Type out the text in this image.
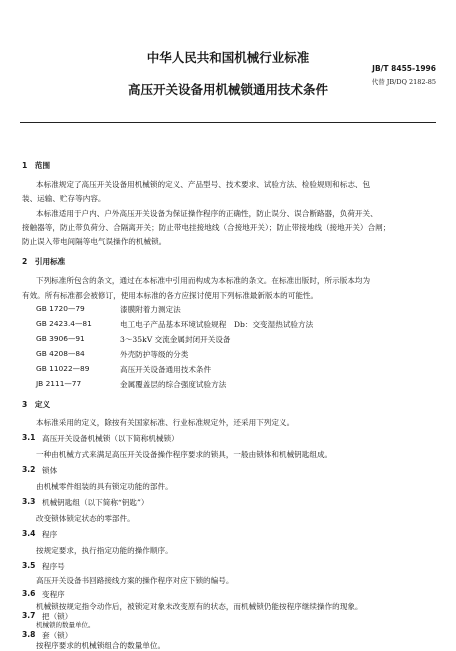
中华人民共和国机械行业标准
JB/T 8455-1996
代替 JB/DQ 2182-85
高压开关设备用机械锁通用技术条件
1　范围
本标准规定了高压开关设备用机械锁的定义、产品型号、技术要求、试验方法、检验规则和标志、包
装、运输、贮存等内容。
本标准适用于户内、户外高压开关设备为保证操作程序的正确性，防止误分、误合断路器，负荷开关、
接触器等，防止带负荷分、合隔离开关；防止带电挂接地线（合接地开关）；防止带接地线（接地开关）合闸；
防止误入带电间隔等电气误操作的机械锁。
2　引用标准
下列标准所包含的条文，通过在本标准中引用而构成为本标准的条文。在标准出版时，所示版本均为
有效。所有标准都会被修订，使用本标准的各方应探讨使用下列标准最新版本的可能性。
GB 1720—79	漆膜附着力测定法
GB 2423.4—81	电工电子产品基本环境试验规程　Db：交变湿热试验方法
GB 3906—91	3～35kV 交流金属封闭开关设备
GB 4208—84	外壳防护等级的分类
GB 11022—89	高压开关设备通用技术条件
JB 2111—77	金属覆盖层的综合强度试验方法
3　定义
本标准采用的定义，除按有关国家标准、行业标准规定外，还采用下列定义。
3.1 高压开关设备机械锁（以下简称机械锁）
一种由机械方式来满足高压开关设备操作程序要求的锁具，一般由锁体和机械钥匙组成。
3.2 锁体
由机械零件组装的具有锁定功能的部件。
3.3 机械钥匙组（以下简称“钥匙”）
改变锁体锁定状态的零部件。
3.4 程序
按规定要求，执行指定功能的操作顺序。
3.5 程序号
高压开关设备书回路接线方案的操作程序对应下锁的编号。
3.6 变程序
机械锁按规定指令动作后，被锁定对象未改变原有的状态，而机械锁仍能按程序继续操作的现象。
3.7 把（锁）
机械锁的数量单位。
3.8 套（锁）
按程序要求的机械锁组合的数量单位。
